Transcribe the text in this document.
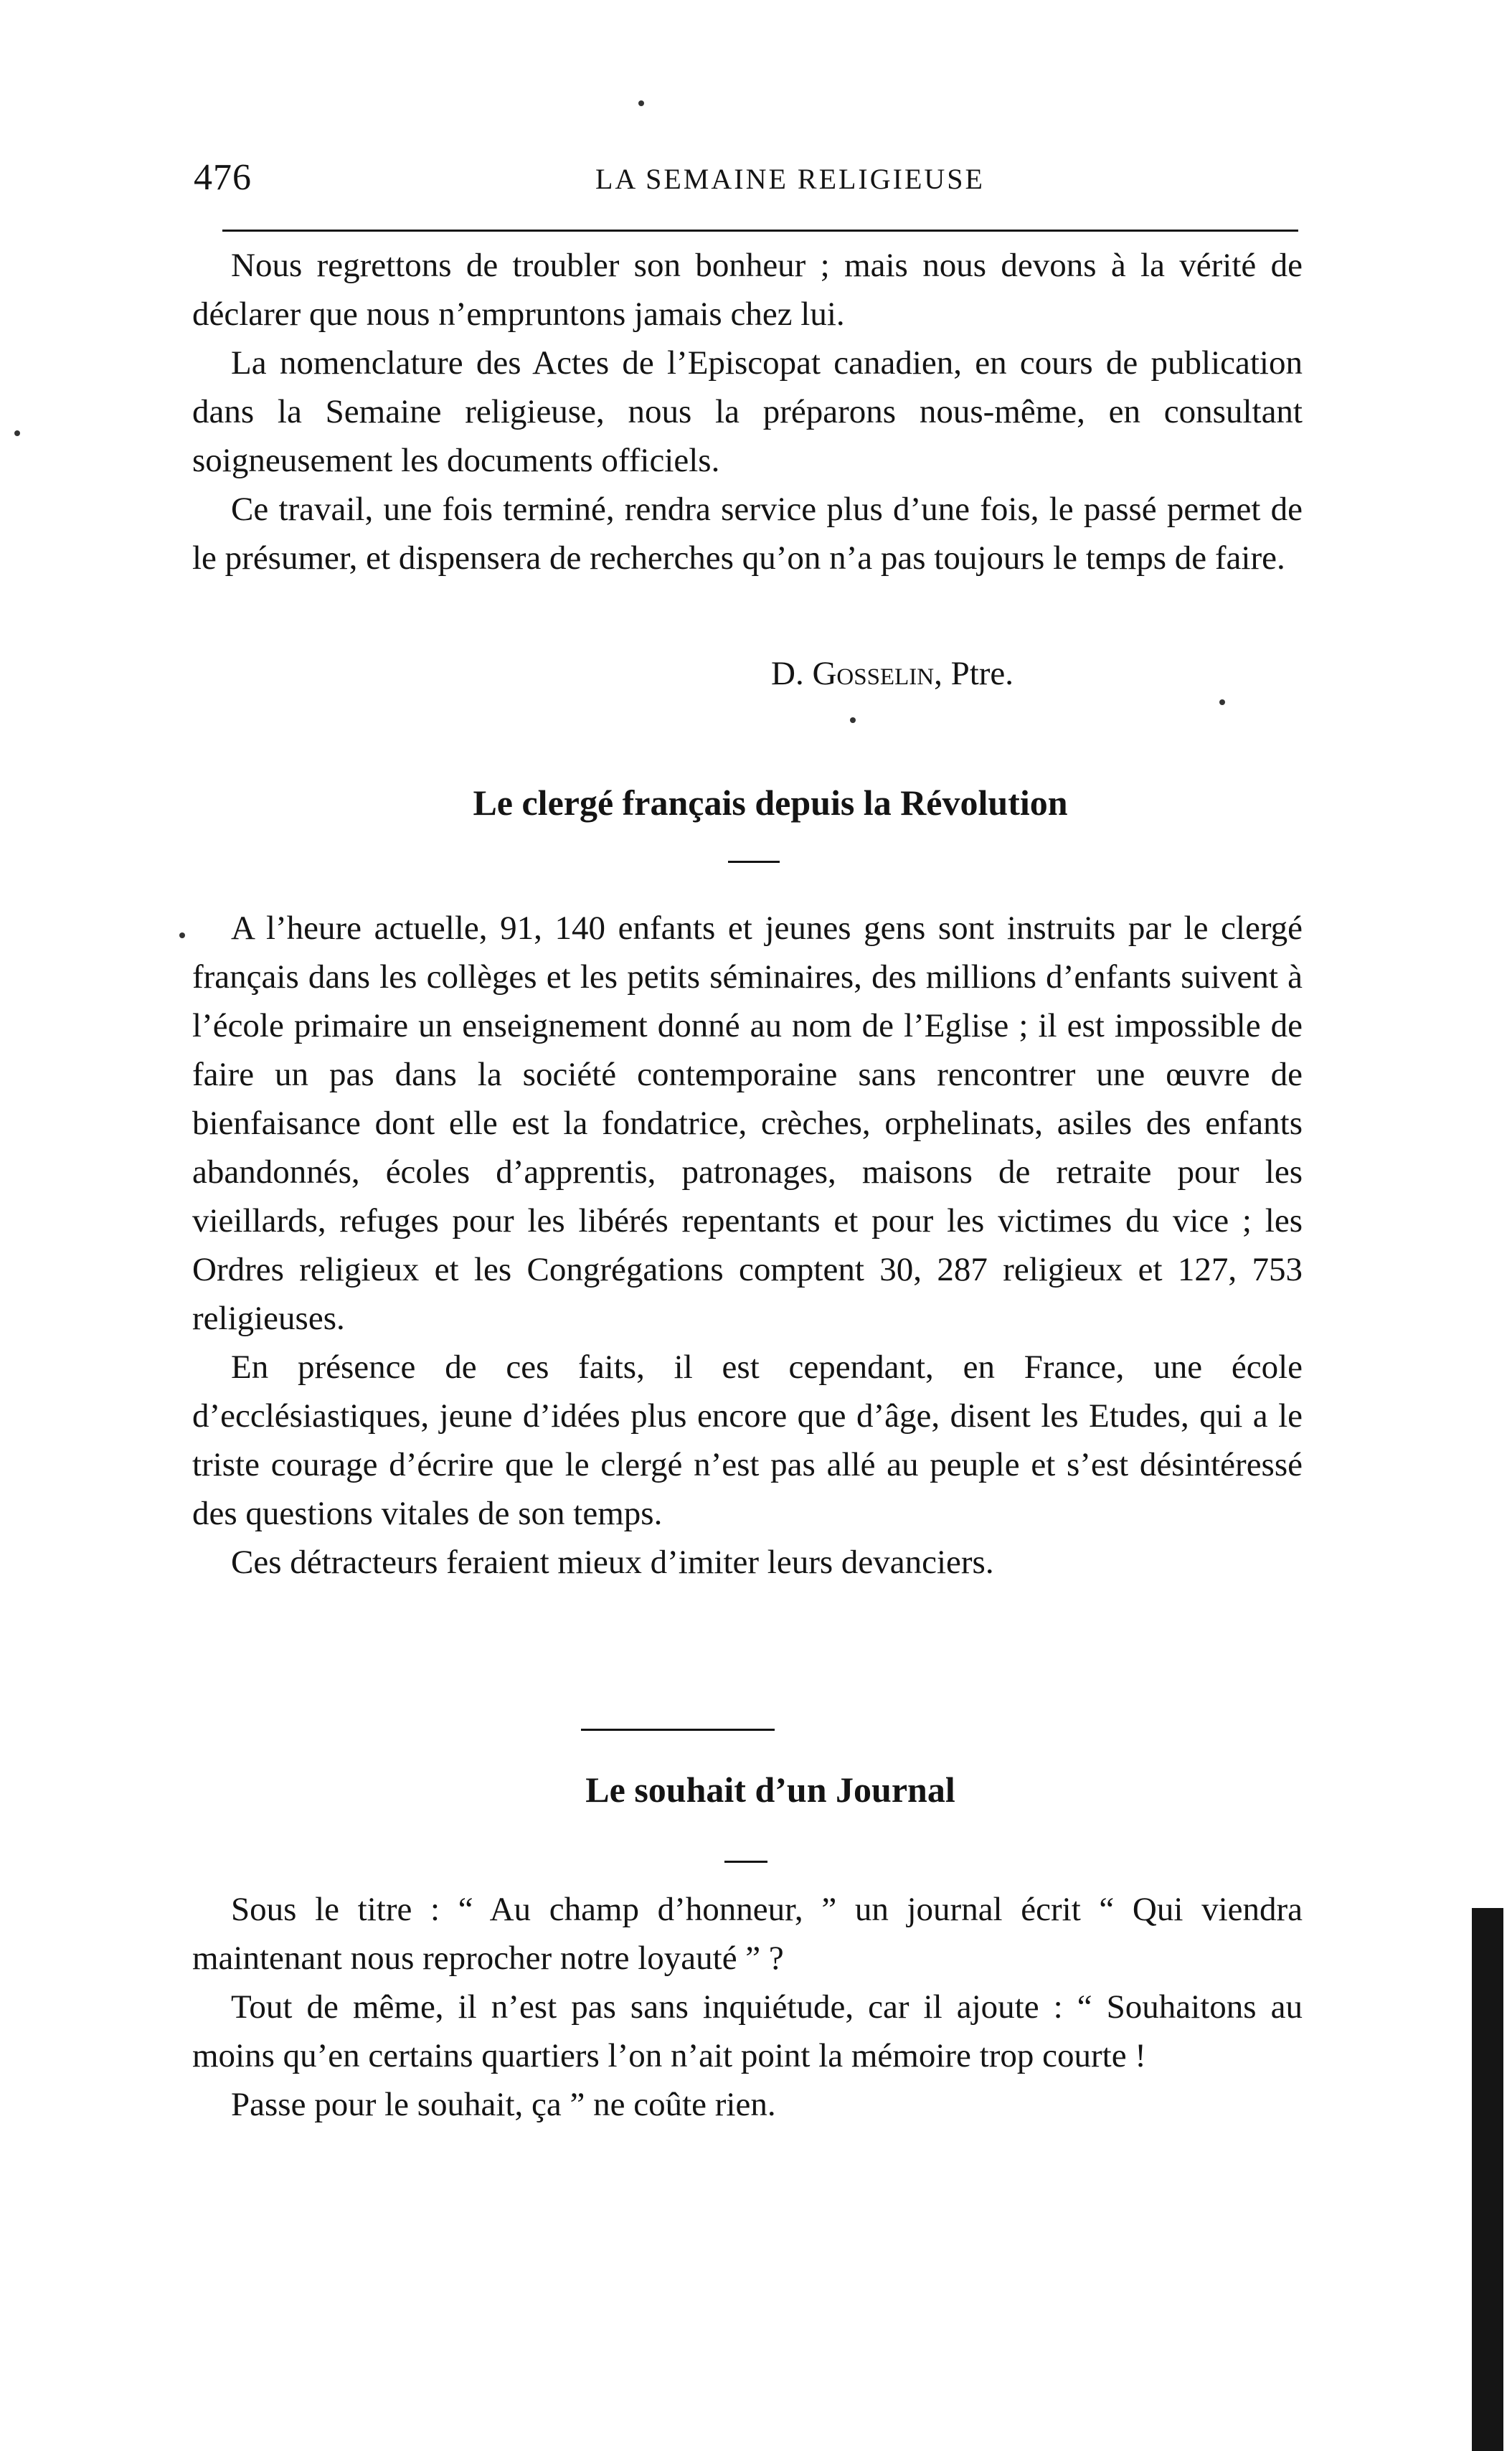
476	LA SEMAINE RELIGIEUSE

Nous regrettons de troubler son bonheur ; mais nous devons à la vérité de déclarer que nous n’empruntons jamais chez lui.

La nomenclature des Actes de l’Episcopat canadien, en cours de publication dans la Semaine religieuse, nous la préparons nous-même, en consultant soigneusement les documents officiels.

Ce travail, une fois terminé, rendra service plus d’une fois, le passé permet de le présumer, et dispensera de recherches qu’on n’a pas toujours le temps de faire.

D. Gosselin, Ptre.
Le clergé français depuis la Révolution

A l’heure actuelle, 91, 140 enfants et jeunes gens sont instruits par le clergé français dans les collèges et les petits séminaires, des millions d’enfants suivent à l’école primaire un enseignement donné au nom de l’Eglise ; il est impossible de faire un pas dans la société contemporaine sans rencontrer une œuvre de bienfaisance dont elle est la fondatrice, crèches, orphelinats, asiles des enfants abandonnés, écoles d’apprentis, patronages, maisons de retraite pour les vieillards, refuges pour les libérés repentants et pour les victimes du vice ; les Ordres religieux et les Congrégations comptent 30, 287 religieux et 127, 753 religieuses.

En présence de ces faits, il est cependant, en France, une école d’ecclésiastiques, jeune d’idées plus encore que d’âge, disent les Etudes, qui a le triste courage d’écrire que le clergé n’est pas allé au peuple et s’est désintéressé des questions vitales de son temps.

Ces détracteurs feraient mieux d’imiter leurs devanciers.

Le souhait d’un Journal

Sous le titre : “ Au champ d’honneur, ” un journal écrit “ Qui viendra maintenant nous reprocher notre loyauté ” ?

Tout de même, il n’est pas sans inquiétude, car il ajoute : “ Souhaitons au moins qu’en certains quartiers l’on n’ait point la mémoire trop courte !

Passe pour le souhait, ça ” ne coûte rien.
